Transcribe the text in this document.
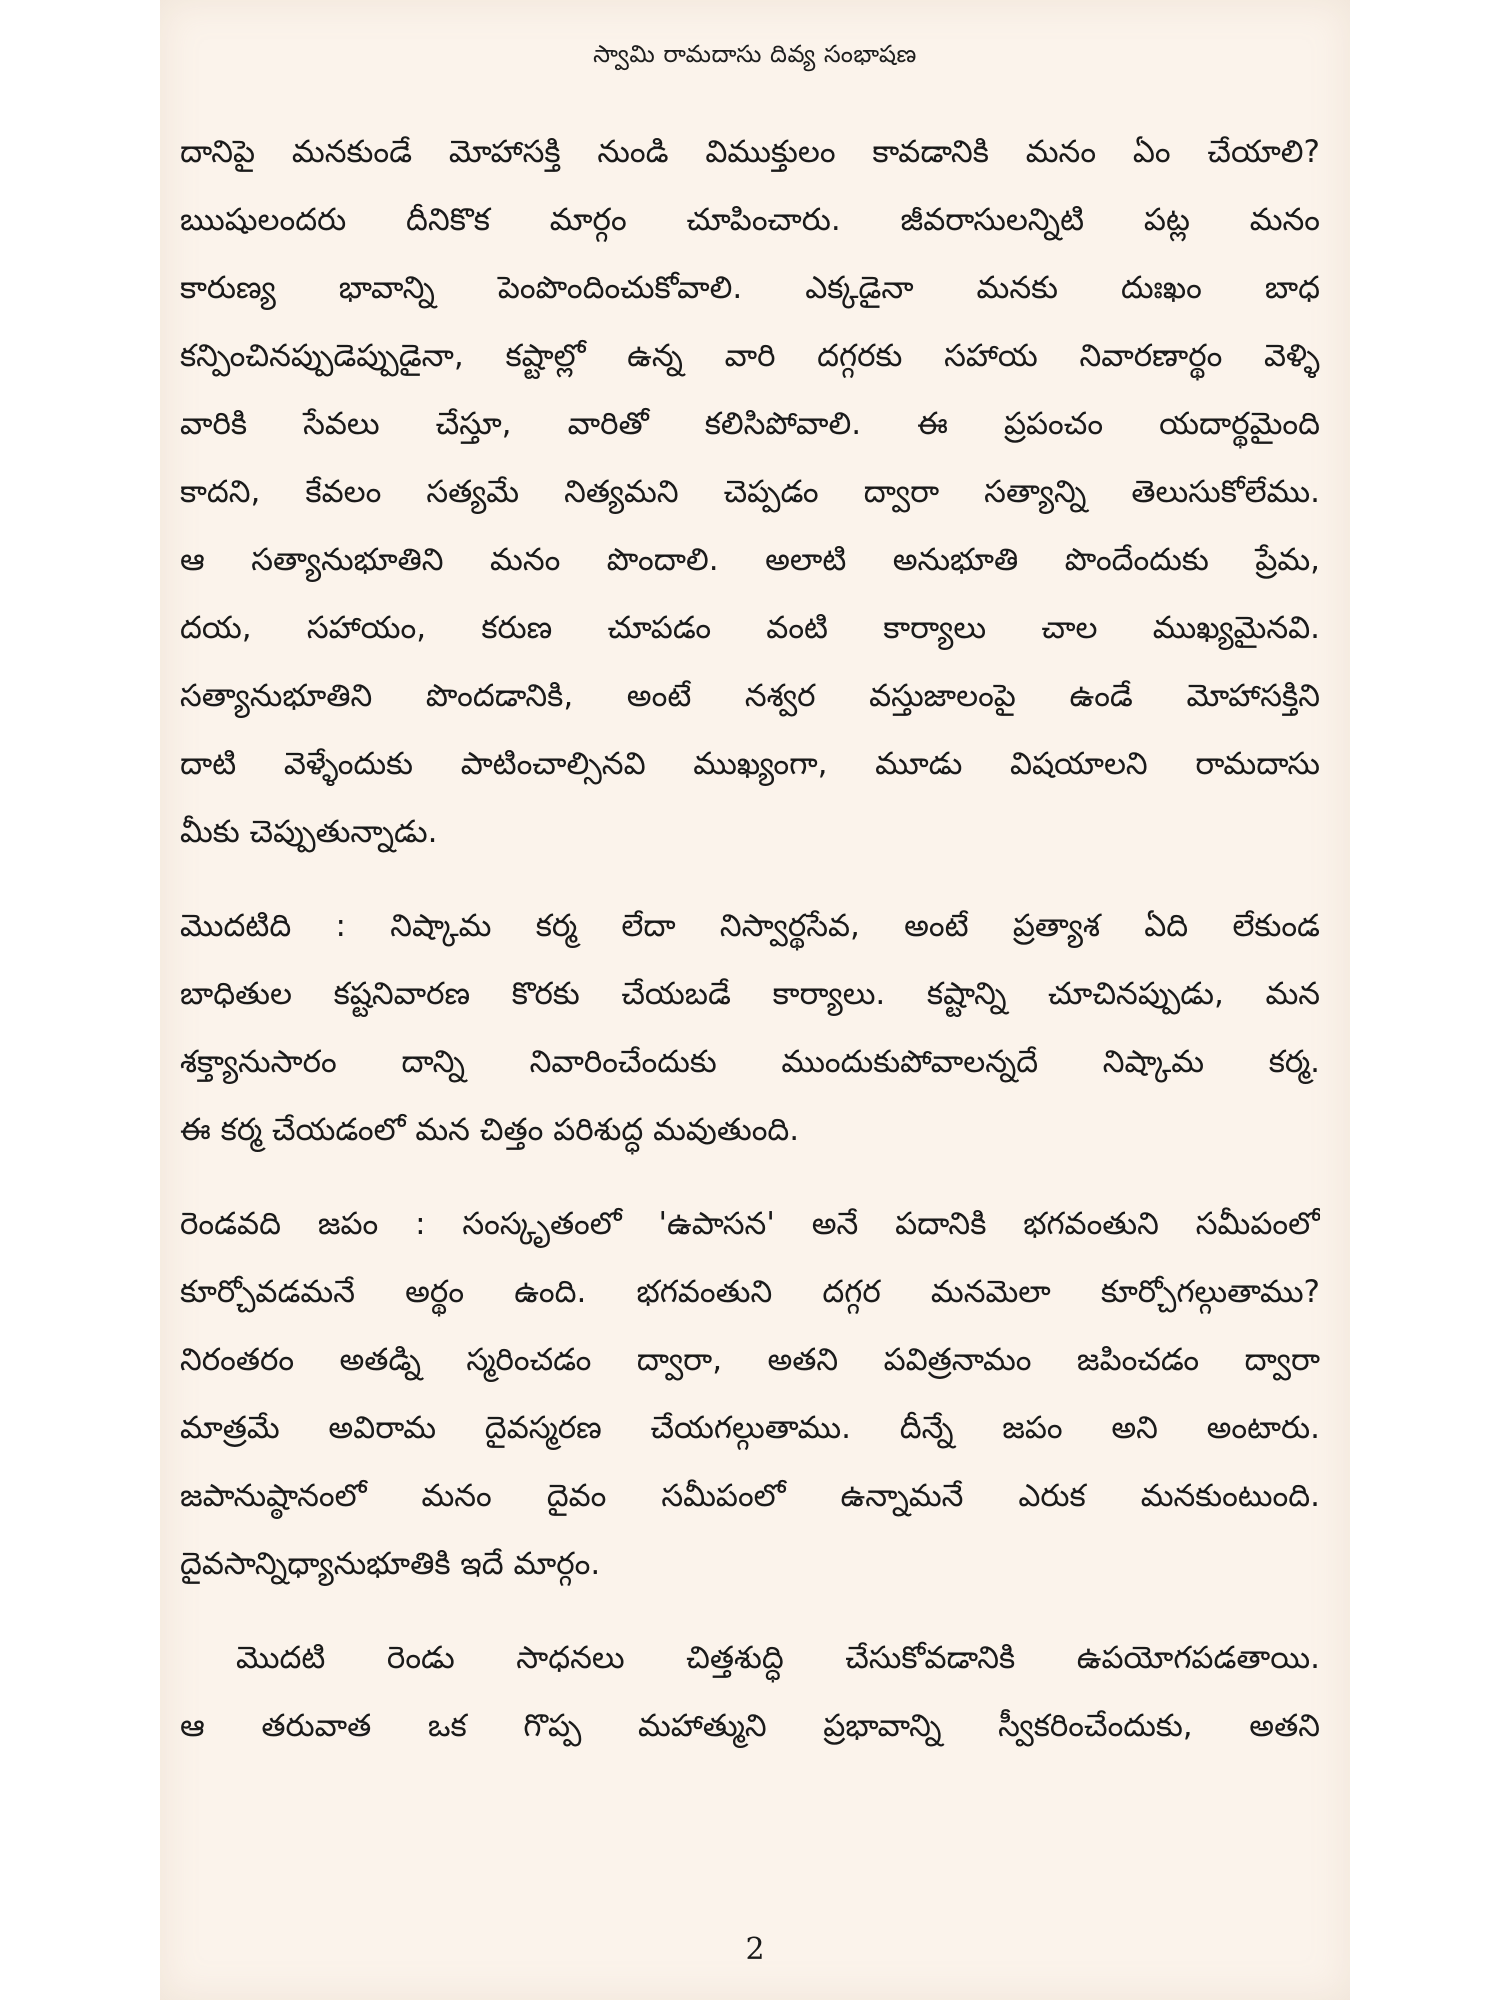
స్వామి రామదాసు దివ్య సంభాషణ
2
దానిపై మనకుండే మోహాసక్తి నుండి విముక్తులం కావడానికి మనం ఏం చేయాలి?
ఋషులందరు దీనికొక మార్గం చూపించారు. జీవరాసులన్నిటి పట్ల మనం
కారుణ్య భావాన్ని పెంపొందించుకోవాలి. ఎక్కడైనా మనకు దుఃఖం బాధ
కన్పించినప్పుడెప్పుడైనా, కష్టాల్లో ఉన్న వారి దగ్గరకు సహాయ నివారణార్థం వెళ్ళి
వారికి సేవలు చేస్తూ, వారితో కలిసిపోవాలి. ఈ ప్రపంచం యదార్థమైంది
కాదని, కేవలం సత్యమే నిత్యమని చెప్పడం ద్వారా సత్యాన్ని తెలుసుకోలేము.
ఆ సత్యానుభూతిని మనం పొందాలి. అలాటి అనుభూతి పొందేందుకు ప్రేమ,
దయ, సహాయం, కరుణ చూపడం వంటి కార్యాలు చాల ముఖ్యమైనవి.
సత్యానుభూతిని పొందడానికి, అంటే నశ్వర వస్తుజాలంపై ఉండే మోహాసక్తిని
దాటి వెళ్ళేందుకు పాటించాల్సినవి ముఖ్యంగా, మూడు విషయాలని రామదాసు
మీకు చెప్పుతున్నాడు.
మొదటిది : నిష్కామ కర్మ లేదా నిస్వార్థసేవ, అంటే ప్రత్యాశ ఏది లేకుండ
బాధితుల కష్టనివారణ కొరకు చేయబడే కార్యాలు. కష్టాన్ని చూచినప్పుడు, మన
శక్త్యానుసారం దాన్ని నివారించేందుకు ముందుకుపోవాలన్నదే నిష్కామ కర్మ.
ఈ కర్మ చేయడంలో మన చిత్తం పరిశుద్ధ మవుతుంది.
రెండవది జపం : సంస్కృతంలో 'ఉపాసన' అనే పదానికి భగవంతుని సమీపంలో
కూర్చోవడమనే అర్థం ఉంది. భగవంతుని దగ్గర మనమెలా కూర్చోగల్గుతాము?
నిరంతరం అతడ్ని స్మరించడం ద్వారా, అతని పవిత్రనామం జపించడం ద్వారా
మాత్రమే అవిరామ దైవస్మరణ చేయగల్గుతాము. దీన్నే జపం అని అంటారు.
జపానుష్ఠానంలో మనం దైవం సమీపంలో ఉన్నామనే ఎరుక మనకుంటుంది.
దైవసాన్నిధ్యానుభూతికి ఇదే మార్గం.
మొదటి రెండు సాధనలు చిత్తశుద్ధి చేసుకోవడానికి ఉపయోగపడతాయి.
ఆ తరువాత ఒక గొప్ప మహాత్ముని ప్రభావాన్ని స్వీకరించేందుకు, అతని
